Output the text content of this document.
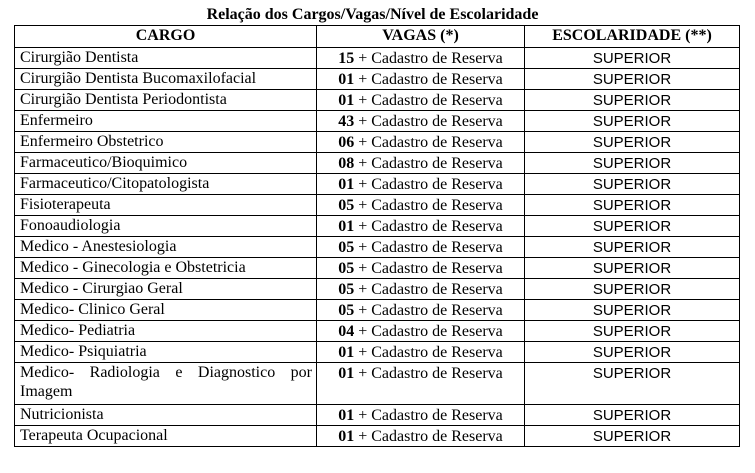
Relação dos Cargos/Vagas/Nível de Escolaridade
CARGO	VAGAS (*)	ESCOLARIDADE (**)
Cirurgião Dentista	15 + Cadastro de Reserva	SUPERIOR
Cirurgião Dentista Bucomaxilofacial	01 + Cadastro de Reserva	SUPERIOR
Cirurgião Dentista Periodontista	01 + Cadastro de Reserva	SUPERIOR
Enfermeiro	43 + Cadastro de Reserva	SUPERIOR
Enfermeiro Obstetrico	06 + Cadastro de Reserva	SUPERIOR
Farmaceutico/Bioquimico	08 + Cadastro de Reserva	SUPERIOR
Farmaceutico/Citopatologista	01 + Cadastro de Reserva	SUPERIOR
Fisioterapeuta	05 + Cadastro de Reserva	SUPERIOR
Fonoaudiologia	01 + Cadastro de Reserva	SUPERIOR
Medico - Anestesiologia	05 + Cadastro de Reserva	SUPERIOR
Medico - Ginecologia e Obstetricia	05 + Cadastro de Reserva	SUPERIOR
Medico - Cirurgiao Geral	05 + Cadastro de Reserva	SUPERIOR
Medico- Clinico Geral	05 + Cadastro de Reserva	SUPERIOR
Medico- Pediatria	04 + Cadastro de Reserva	SUPERIOR
Medico- Psiquiatria	01 + Cadastro de Reserva	SUPERIOR
Medico- Radiologia e Diagnostico por Imagem	01 + Cadastro de Reserva	SUPERIOR
Nutricionista	01 + Cadastro de Reserva	SUPERIOR
Terapeuta Ocupacional	01 + Cadastro de Reserva	SUPERIOR
